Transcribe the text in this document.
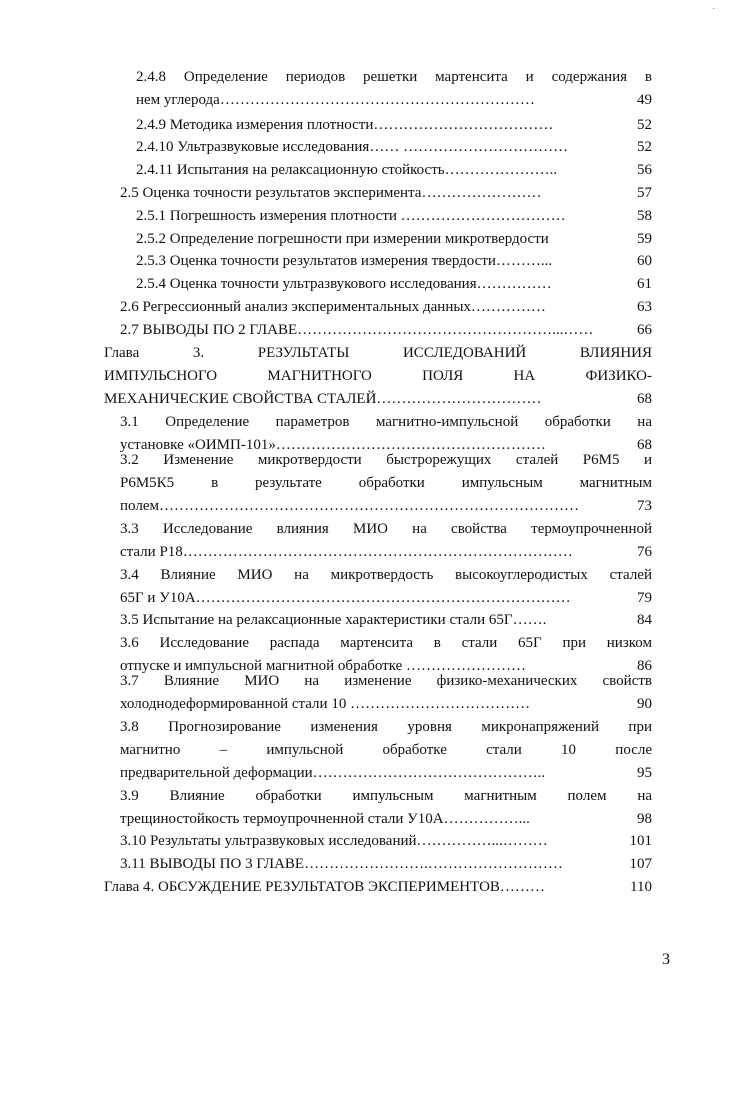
·
2.4.8 Определение периодов решетки мартенсита и содержания в
нем углерода………………………………………………………	49
2.4.9 Методика измерения плотности………………………………	52
2.4.10 Ультразвуковые исследования…… ……………………………	52
2.4.11 Испытания на релаксационную стойкость…………………..	56
2.5 Оценка точности результатов эксперимента……………………	57
2.5.1 Погрешность измерения плотности ……………………………	58
2.5.2 Определение погрешности при измерении микротвердости	59
2.5.3 Оценка точности результатов измерения твердости………...	60
2.5.4 Оценка точности ультразвукового исследования……………	61
2.6 Регрессионный анализ экспериментальных данных……………	63
2.7 ВЫВОДЫ ПО 2 ГЛАВЕ……………………………………………...……	66
Глава 3. РЕЗУЛЬТАТЫ ИССЛЕДОВАНИЙ ВЛИЯНИЯ
ИМПУЛЬСНОГО МАГНИТНОГО ПОЛЯ НА ФИЗИКО-
МЕХАНИЧЕСКИЕ СВОЙСТВА СТАЛЕЙ……………………………	68
3.1 Определение параметров магнитно-импульсной обработки на
установке «ОИМП-101»………………………………………………	68
3.2 Изменение микротвердости быстрорежущих сталей Р6М5 и
Р6М5К5 в результате обработки импульсным магнитным
полем…………………………………………………………………………	73
3.3 Исследование влияния МИО на свойства термоупрочненной
стали Р18……………………………………………………………………	76
3.4 Влияние МИО на микротвердость высокоуглеродистых сталей
65Г и У10А…………………………………………………………………	79
3.5 Испытание на релаксационные характеристики стали 65Г…….	84
3.6 Исследование распада мартенсита в стали 65Г при низком
отпуске и импульсной магнитной обработке ……………………	86
3.7 Влияние МИО на изменение физико-механических свойств
холоднодеформированной стали 10 ………………………………	90
3.8 Прогнозирование изменения уровня микронапряжений при
магнитно – импульсной обработке стали 10 после
предварительной деформации………………………………………..	95
3.9 Влияние обработки импульсным магнитным полем на
трещиностойкость термоупрочненной стали У10А……………...	98
3.10 Результаты ультразвуковых исследований……………...………	101
3.11 ВЫВОДЫ ПО 3 ГЛАВЕ…………………….………………………	107
Глава 4. ОБСУЖДЕНИЕ РЕЗУЛЬТАТОВ ЭКСПЕРИМЕНТОВ………	110
3
